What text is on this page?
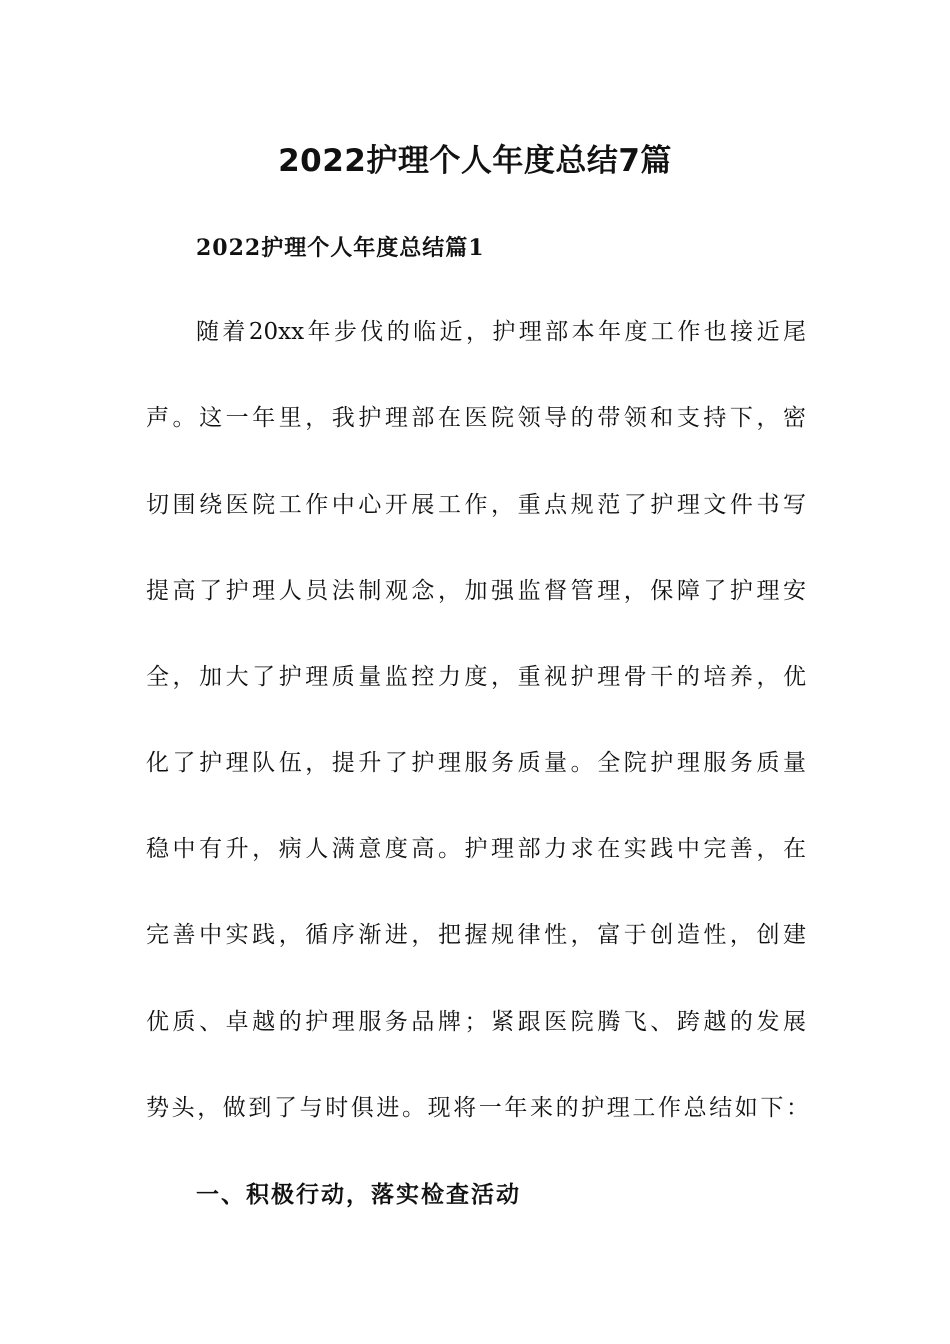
2022护理个人年度总结7篇
2022护理个人年度总结篇1

随着20xx年步伐的临近，护理部本年度工作也接近尾

声。这一年里，我护理部在医院领导的带领和支持下，密

切围绕医院工作中心开展工作，重点规范了护理文件书写

提高了护理人员法制观念，加强监督管理，保障了护理安

全，加大了护理质量监控力度，重视护理骨干的培养，优

化了护理队伍，提升了护理服务质量。全院护理服务质量

稳中有升，病人满意度高。护理部力求在实践中完善，在

完善中实践，循序渐进，把握规律性，富于创造性，创建

优质、卓越的护理服务品牌；紧跟医院腾飞、跨越的发展

势头，做到了与时俱进。现将一年来的护理工作总结如下：

一、积极行动，落实检查活动
